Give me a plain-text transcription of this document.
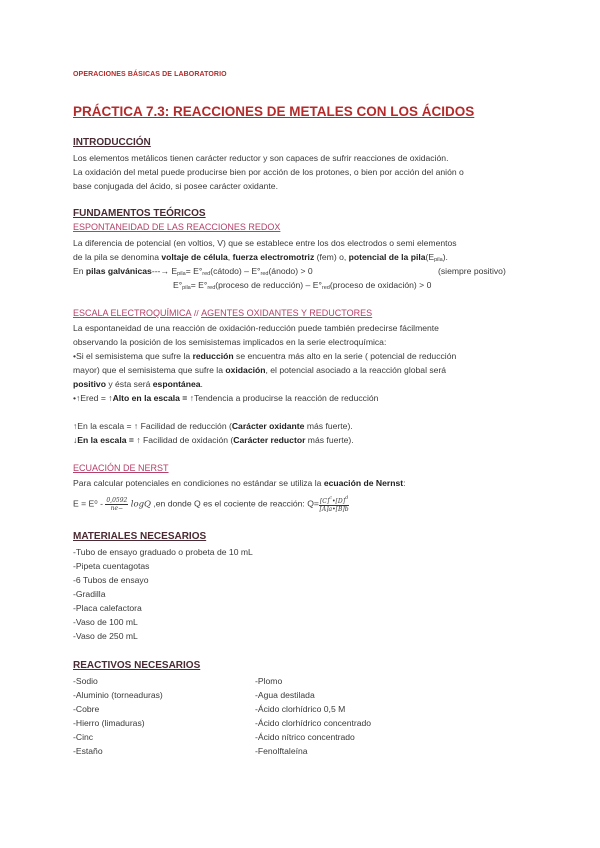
OPERACIONES BÁSICAS DE LABORATORIO
PRÁCTICA 7.3: REACCIONES DE METALES CON LOS ÁCIDOS
INTRODUCCIÓN
Los elementos metálicos tienen carácter reductor y son capaces de sufrir reacciones de oxidación.
La oxidación del metal puede producirse bien por acción de los protones, o bien por acción del anión o
base conjugada del ácido, si posee carácter oxidante.
FUNDAMENTOS TEÓRICOS
ESPONTANEIDAD DE LAS REACCIONES REDOX
La diferencia de potencial (en voltios, V) que se establece entre los dos electrodos o semi elementos
de la pila se denomina voltaje de célula, fuerza electromotriz (fem) o, potencial de la $pila(E_{pila})$.
En pilas galvánicas---→ $E_{pila}=$ $E^\circ_{red}(cátodo)$ – $E^\circ_{red}(ánodo) > 0$	(siempre positivo)
$E^\circ_{pila}=$ $E^\circ_{red}(proceso$ de reducción) – $E^\circ_{red}(proceso$ de oxidación) > 0
ESCALA ELECTROQUÍMICA // AGENTES OXIDANTES Y REDUCTORES
La espontaneidad de una reacción de oxidación-reducción puede también predecirse fácilmente
observando la posición de los semisistemas implicados en la serie electroquímica:
•Si el semisistema que sufre la reducción se encuentra más alto en la serie ( potencial de reducción
mayor) que el semisistema que sufre la oxidación, el potencial asociado a la reacción global será
positivo y ésta será espontánea.
•↑Ered = ↑Alto en la escala = ↑Tendencia a producirse la reacción de reducción
↑En la escala = ↑ Facilidad de reducción (Carácter oxidante más fuerte).
↓En la escala = ↑ Facilidad de oxidación (Carácter reductor más fuerte).
ECUACIÓN DE NERST
Para calcular potenciales en condiciones no estándar se utiliza la ecuación de Nernst:
$E = E^0 - \frac{0,0592}{ne-}$ logQ ,en donde Q es el cociente de reacción: $Q= \frac{[C]^c•[D]^d}{[A]a•[B]b}$
MATERIALES NECESARIOS
-Tubo de ensayo graduado o probeta de 10 mL
-Pipeta cuentagotas
-6 Tubos de ensayo
-Gradilla
-Placa calefactora
-Vaso de 100 mL
-Vaso de 250 mL
REACTIVOS NECESARIOS
-Sodio
-Aluminio (torneaduras)
-Cobre
-Hierro (limaduras)
-Cinc
-Estaño
-Plomo
-Agua destilada
-Ácido clorhídrico 0,5 M
-Ácido clorhídrico concentrado
-Ácido nítrico concentrado
-Fenolftaleína
